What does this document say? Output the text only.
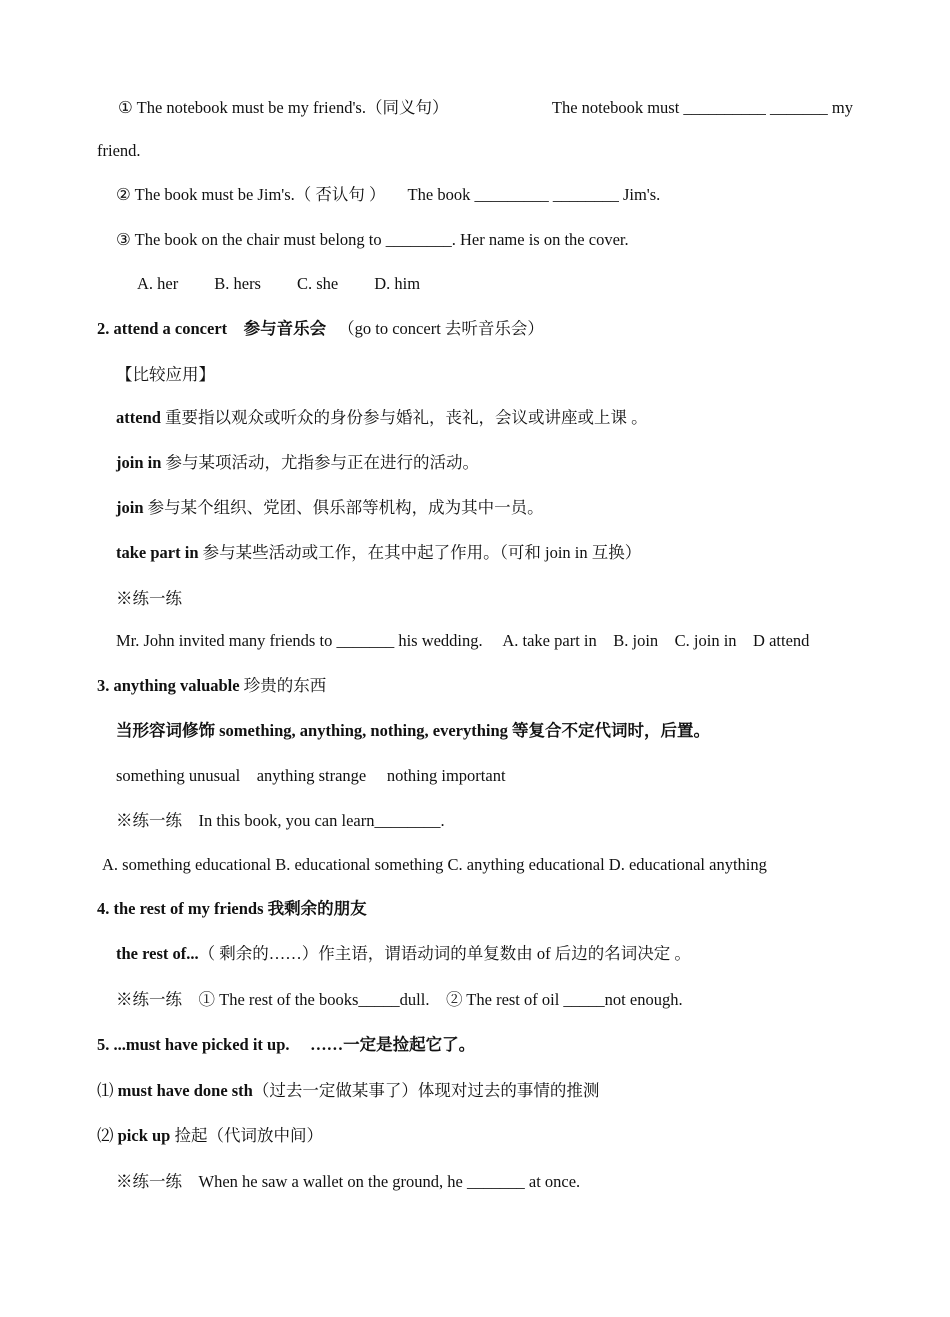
① The notebook must be my friend's.（同义句）	The notebook must __________ _______ my
friend.
② The book must be Jim's.（ 否认句 ） The book _________ ________ Jim's.
③ The book on the chair must belong to ________. Her name is on the cover.
A. her B. hers C. she D. him
2. attend a concert　参与音乐会 （go to concert 去听音乐会）
【比较应用】
attend 重要指以观众或听众的身份参与婚礼，丧礼，会议或讲座或上课 。
join in 参与某项活动，尤指参与正在进行的活动。
join 参与某个组织、党团、俱乐部等机构，成为其中一员。
take part in 参与某些活动或工作，在其中起了作用。（可和 join in 互换）
※练一练
Mr. John invited many friends to _______ his wedding.　 A. take part in　B. join　C. join in　D attend
3. anything valuable 珍贵的东西
当形容词修饰 something, anything, nothing, everything 等复合不定代词时，后置。
something unusual　anything strange　 nothing important
※练一练　In this book, you can learn________.
A. something educational B. educational something C. anything educational D. educational anything
4. the rest of my friends 我剩余的朋友
the rest of...（ 剩余的……）作主语，谓语动词的单复数由 of 后边的名词决定 。
※练一练　① The rest of the books_____dull.　② The rest of oil _____not enough.
5. ...must have picked it up.　 ……一定是捡起它了。
⑴ must have done sth（过去一定做某事了）体现对过去的事情的推测
⑵ pick up 捡起（代词放中间）
※练一练　When he saw a wallet on the ground, he _______ at once.
